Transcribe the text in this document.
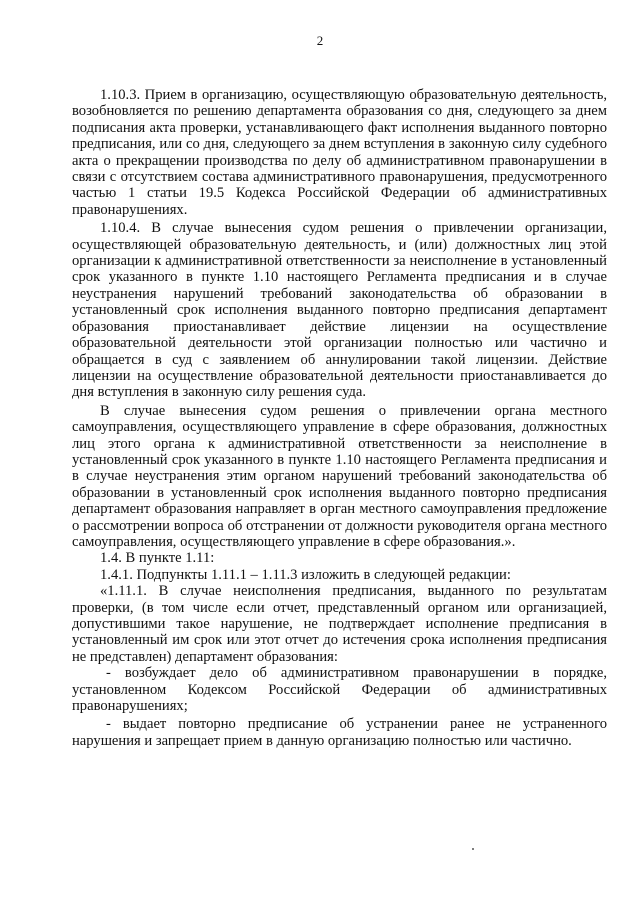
2

1.10.3. Прием в организацию, осуществляющую образовательную деятельность, возобновляется по решению департамента образования со дня, следующего за днем подписания акта проверки, устанавливающего факт исполнения выданного повторно предписания, или со дня, следующего за днем вступления в законную силу судебного акта о прекращении производства по делу об административном правонарушении в связи с отсутствием состава административного правонарушения, предусмотренного частью 1 статьи 19.5 Кодекса Российской Федерации об административных правонарушениях.

1.10.4. В случае вынесения судом решения о привлечении организации, осуществляющей образовательную деятельность, и (или) должностных лиц этой организации к административной ответственности за неисполнение в установленный срок указанного в пункте 1.10 настоящего Регламента предписания и в случае неустранения нарушений требований законодательства об образовании в установленный срок исполнения выданного повторно предписания департамент образования приостанавливает действие лицензии на осуществление образовательной деятельности этой организации полностью или частично и обращается в суд с заявлением об аннулировании такой лицензии. Действие лицензии на осуществление образовательной деятельности приостанавливается до дня вступления в законную силу решения суда.

В случае вынесения судом решения о привлечении органа местного самоуправления, осуществляющего управление в сфере образования, должностных лиц этого органа к административной ответственности за неисполнение в установленный срок указанного в пункте 1.10 настоящего Регламента предписания и в случае неустранения этим органом нарушений требований законодательства об образовании в установленный срок исполнения выданного повторно предписания департамент образования направляет в орган местного самоуправления предложение о рассмотрении вопроса об отстранении от должности руководителя органа местного самоуправления, осуществляющего управление в сфере образования.».

1.4. В пункте 1.11:

1.4.1. Подпункты 1.11.1 – 1.11.3 изложить в следующей редакции:

«1.11.1. В случае неисполнения предписания, выданного по результатам проверки, (в том числе если отчет, представленный органом или организацией, допустившими такое нарушение, не подтверждает исполнение предписания в установленный им срок или этот отчет до истечения срока исполнения предписания не представлен) департамент образования:

- возбуждает дело об административном правонарушении в порядке, установленном Кодексом Российской Федерации об административных правонарушениях;

- выдает повторно предписание об устранении ранее не устраненного нарушения и запрещает прием в данную организацию полностью или частично.
